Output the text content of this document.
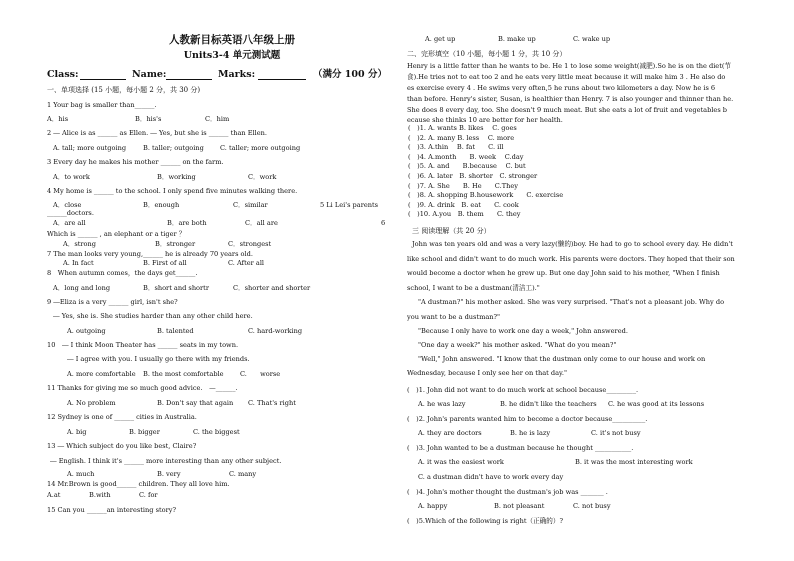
人教新目标英语八年级上册
Units3-4 单元测试题
Class:	Name:	Marks:	（满分 100 分）
一、单项选择 (15 小题，每小题 2 分，共 30 分)
1 Your bag is smaller than______.
A．his	B．his's	C．him
2 ― Alice is as ______ as Ellen. ― Yes, but she is ______ than Ellen.
A. tall; more outgoing	B. taller; outgoing C. taller; more outgoing
3 Every day he makes his mother ______ on the farm.
A．to work	B．working	C．work
4 My home is ______ to the school. I only spend five minutes walking there.
A．close	B．enough	C．similar	5 Li Lei's parents
______doctors.
A．are all	B．are both	C．all are	6
Which is ______ , an elephant or a tiger ？
A．strong	B．stronger	C．strongest
7 The man looks very young,______ he is already 70 years old.
A. In fact	B. First of all	C. After all
8　When autumn comes，the days get______.
A．long and long	B．short and shortr	C．shorter and shorter
9 ―Eliza is a very ______ girl, isn't she?
― Yes, she is. She studies harder than any other child here.
A. outgoing	B. talented	C. hard-working
10　― I think Moon Theater has ______ seats in my town.
― I agree with you. I usually go there with my friends.
A. more comfortable B. the most comfortable C.　　worse
11 Thanks for giving me so much good advice.　—______.
A. No problem	B. Don't say that again C. That's right
12 Sydney is one of ______ cities in Australia.
A. big	B. bigger	C. the biggest
13 ― Which subject do you like best, Claire?
― English. I think it's ______ more interesting than any other subject.
A. much	B. very	C. many
14 Mr.Brown is good______ children. They all love him.
A.at	B.with	C. for
15 Can you ______an interesting story?
A. get up	B. make up	C. wake up
二、完形填空（10 小题，每小题 1 分，共 10 分）
Henry is a little fatter than he wants to be. He 1 to lose some weight(减肥).So he is on the diet(节
食).He tries not to eat too 2 and he eats very little meat because it will make him 3 . He also do
es exercise every 4 . He swims very often,5 he runs about two kilometers a day. Now he is 6
than before. Henry's sister, Susan, is healthier than Henry. 7 is also younger and thinner than he.
She does 8 every day, too. She doesn't 9 much meat. But she eats a lot of fruit and vegetables b
ecause she thinks 10 are better for her health.
(　)1. A. wants B. likes　 C. goes
(　)2. A. many B. less　 C. more
(　)3. A.thin　 B. fat　　C. ill
(　)4. A.month　　B. week　 C.day
(　)5. A. and　　B.because　 C. but
(　)6. A. later　B. shorter　C. stronger
(　)7. A. She　　B. He　　C.They
(　)8. A. shopping B.housework　　C. exercise
(　)9. A. drink　B. eat　　C. cook
(　)10. A.you　B. them　　C. they
三 阅读理解（共 20 分）
John was ten years old and was a very lazy(懒的)boy. He had to go to school every day. He didn't
like school and didn't want to do much work. His parents were doctors. They hoped that their son
would become a doctor when he grew up. But one day John said to his mother, "When I finish
school, I want to be a dustman(清洁工)."
"A dustman?" his mother asked. She was very surprised. "That's not a pleasant job. Why do
you want to be a dustman?"
"Because I only have to work one day a week," John answered.
"One day a week?" his mother asked. "What do you mean?"
"Well," John answered. "I know that the dustman only come to our house and work on
Wednesday, because I only see her on that day."
(　)1. John did not want to do much work at school because_________.
A. he was lazy	B. he didn't like the teachers C. he was good at its lessons
(　)2. John's parents wanted him to become a doctor because__________.
A. they are doctors	B. he is lazy	C. it's not busy
(　)3. John wanted to be a dustman because he thought ___________.
A. it was the easiest work	B. it was the most interesting work
C. a dustman didn't have to work every day
(　)4. John's mother thought the dustman's job was _______ .
A. happy	B. not pleasant	C. not busy
(　)5.Which of the following is right（正确的）?
